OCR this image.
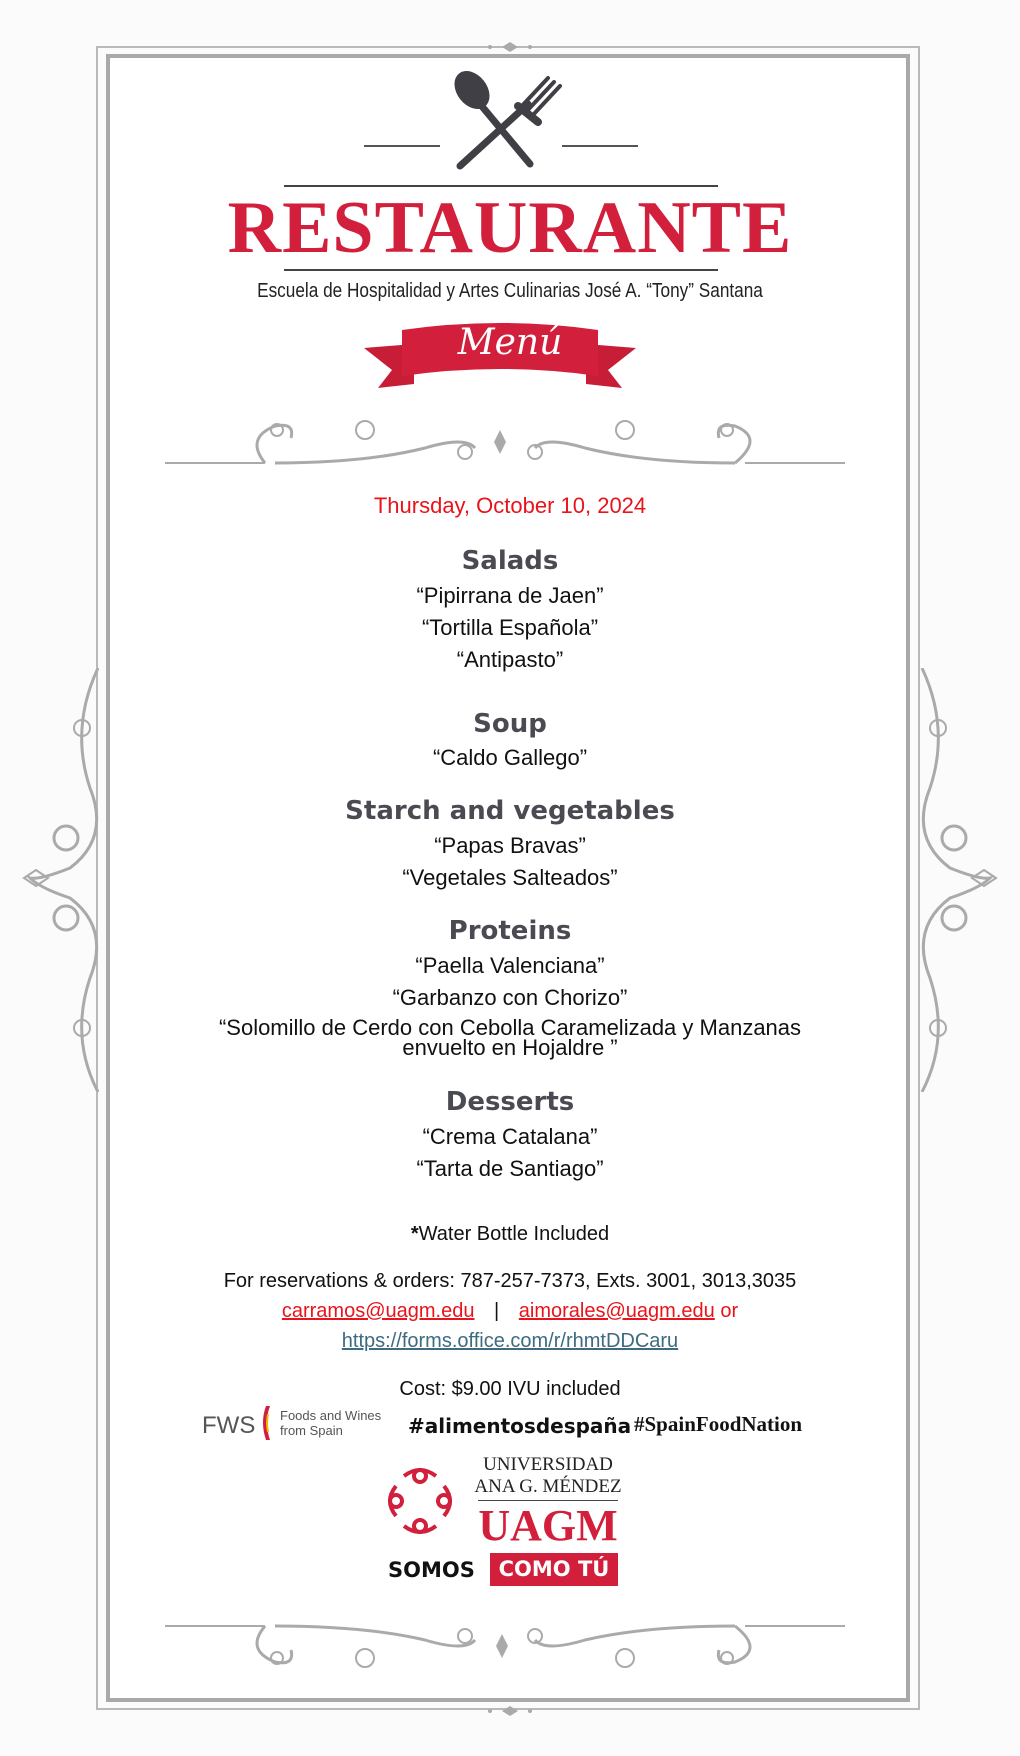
RESTAURANTE
Escuela de Hospitalidad y Artes Culinarias José A. “Tony” Santana
Menú
Thursday, October 10, 2024
Salads
“Pipirrana de Jaen”
“Tortilla Española”
“Antipasto”
Soup
“Caldo Gallego”
Starch and vegetables
“Papas Bravas”
“Vegetales Salteados”
Proteins
“Paella Valenciana”
“Garbanzo con Chorizo”
“Solomillo de Cerdo con Cebolla Caramelizada y Manzanas
envuelto en Hojaldre ”
Desserts
“Crema Catalana”
“Tarta de Santiago”
*Water Bottle Included
For reservations & orders: 787-257-7373, Exts. 3001, 3013,3035
carramos@uagm.edu | aimorales@uagm.edu or
https://forms.office.com/r/rhmtDDCaru
Cost: $9.00 IVU included
FWS Foods and Wines
from Spain	#alimentosdespaña #SpainFoodNation
UNIVERSIDAD
ANA G. MÉNDEZ
UAGM
SOMOS	COMO TÚ
